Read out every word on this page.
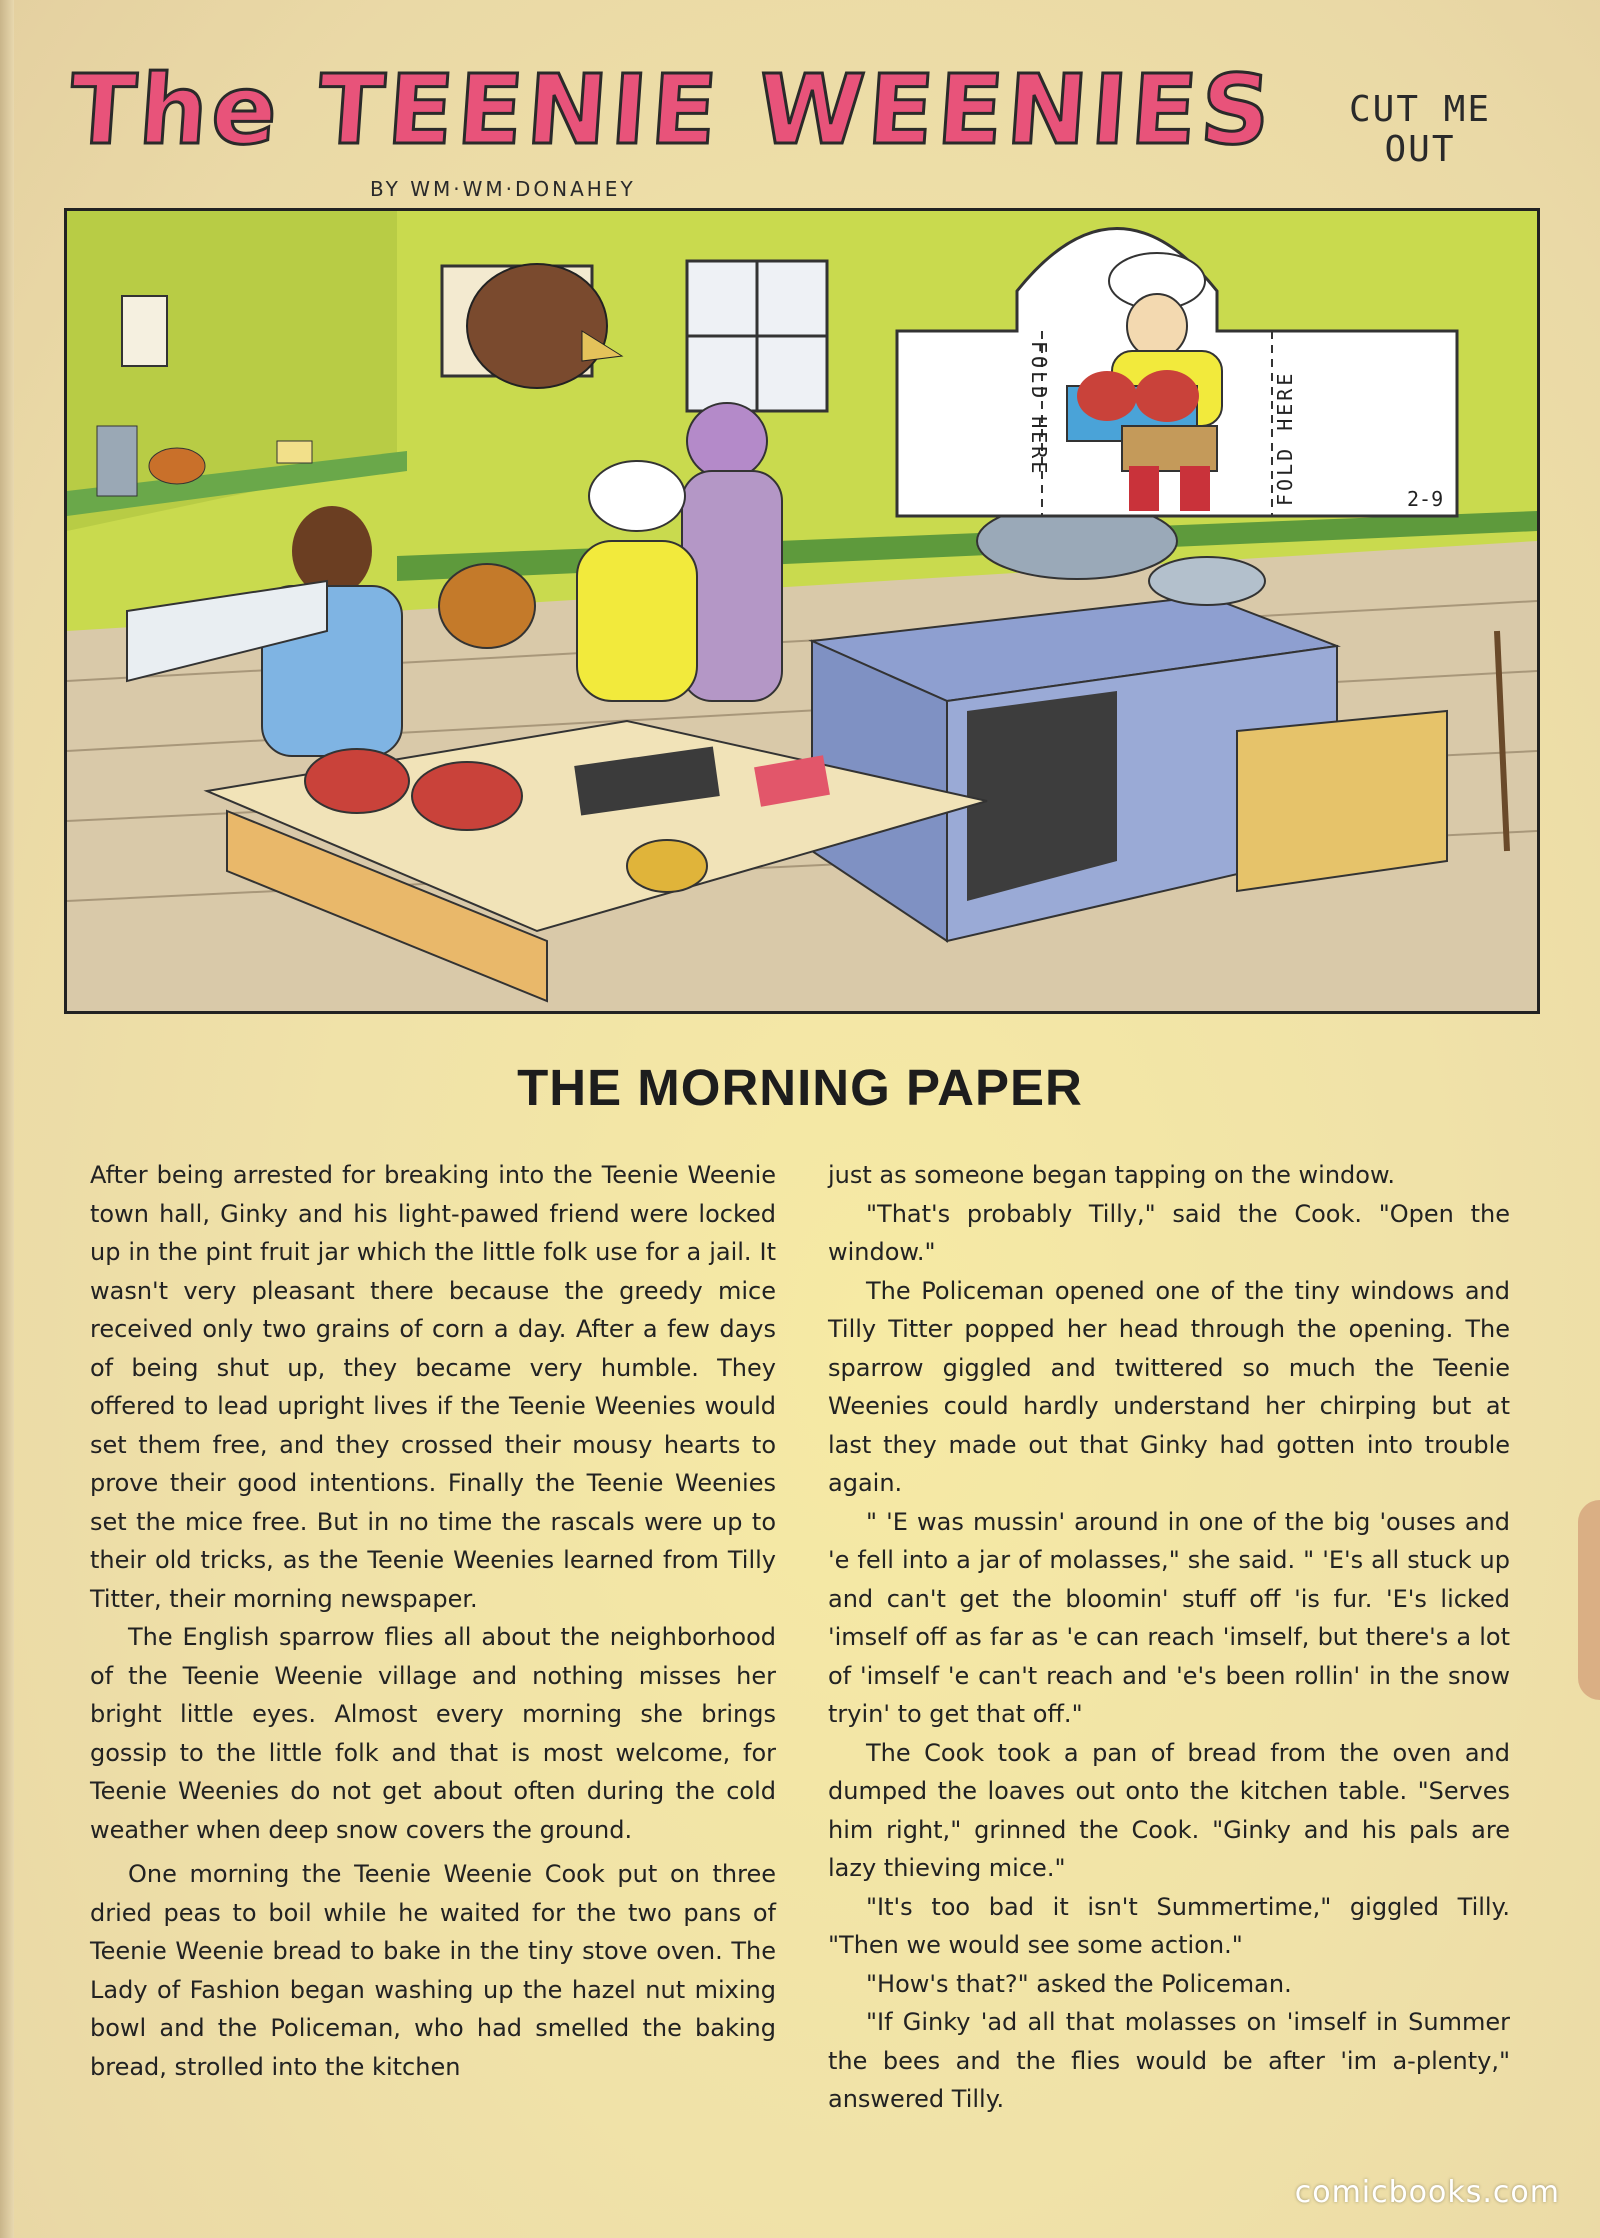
The TEENIE WEENIES
BY WM·WM·DONAHEY
CUT ME
OUT
FOLD HERE	FOLD HERE	2-9
THE MORNING PAPER

After being arrested for breaking into the Teenie Weenie town hall, Ginky and his light-pawed friend were locked up in the pint fruit jar which the little folk use for a jail. It wasn't very pleasant there because the greedy mice received only two grains of corn a day. After a few days of being shut up, they became very humble. They offered to lead upright lives if the Teenie Weenies would set them free, and they crossed their mousy hearts to prove their good intentions. Finally the Teenie Weenies set the mice free. But in no time the rascals were up to their old tricks, as the Teenie Weenies learned from Tilly Titter, their morning newspaper.

The English sparrow flies all about the neighborhood of the Teenie Weenie village and nothing misses her bright little eyes. Almost every morning she brings gossip to the little folk and that is most welcome, for Teenie Weenies do not get about often during the cold weather when deep snow covers the ground.

One morning the Teenie Weenie Cook put on three dried peas to boil while he waited for the two pans of Teenie Weenie bread to bake in the tiny stove oven. The Lady of Fashion began washing up the hazel nut mixing bowl and the Policeman, who had smelled the baking bread, strolled into the kitchen

just as someone began tapping on the window.

"That's probably Tilly," said the Cook. "Open the window."

The Policeman opened one of the tiny windows and Tilly Titter popped her head through the opening. The sparrow giggled and twittered so much the Teenie Weenies could hardly understand her chirping but at last they made out that Ginky had gotten into trouble again.

" 'E was mussin' around in one of the big 'ouses and 'e fell into a jar of molasses," she said. " 'E's all stuck up and can't get the bloomin' stuff off 'is fur. 'E's licked 'imself off as far as 'e can reach 'imself, but there's a lot of 'imself 'e can't reach and 'e's been rollin' in the snow tryin' to get that off."

The Cook took a pan of bread from the oven and dumped the loaves out onto the kitchen table. "Serves him right," grinned the Cook. "Ginky and his pals are lazy thieving mice."

"It's too bad it isn't Summertime," giggled Tilly. "Then we would see some action."

"How's that?" asked the Policeman.

"If Ginky 'ad all that molasses on 'imself in Summer the bees and the flies would be after 'im a-plenty," answered Tilly.

comicbooks.com
